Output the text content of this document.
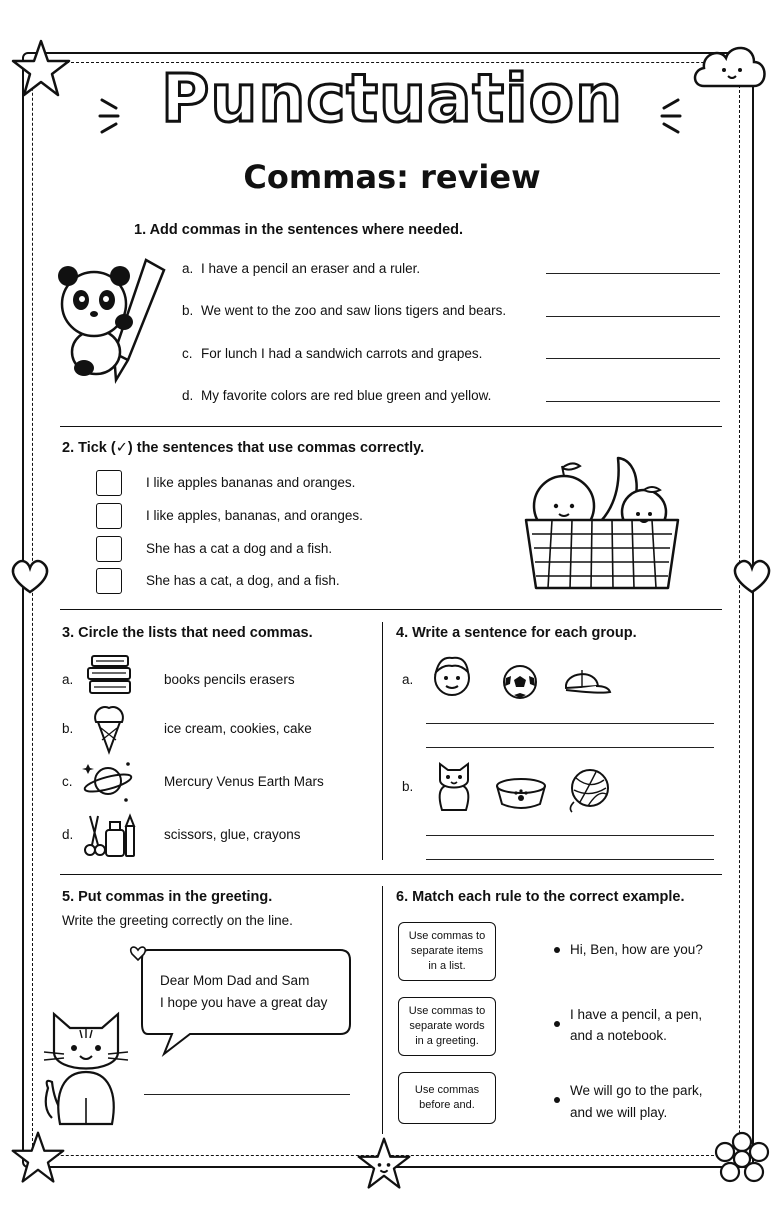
Punctuation
Commas: review
1. Add commas in the sentences where needed.
a. I have a pencil an eraser and a ruler.
b. We went to the zoo and saw lions tigers and bears.
c. For lunch I had a sandwich carrots and grapes.
d. My favorite colors are red blue green and yellow.
2. Tick (✓) the sentences that use commas correctly.
I like apples bananas and oranges.
I like apples, bananas, and oranges.
She has a cat a dog and a fish.
She has a cat, a dog, and a fish.
3. Circle the lists that need commas.
a.	books pencils erasers
b.	ice cream, cookies, cake
c.	Mercury Venus Earth Mars
d.	scissors, glue, crayons
4. Write a sentence for each group.
a.
b.
5. Put commas in the greeting.
Write the greeting correctly on the line.
Dear Mom Dad and Sam
I hope you have a great day
6. Match each rule to the correct example.
Use commas to
separate items
in a list.
Use commas to
separate words
in a greeting.
Use commas
before and.
Hi, Ben, how are you?
I have a pencil, a pen,
and a notebook.
We will go to the park,
and we will play.
